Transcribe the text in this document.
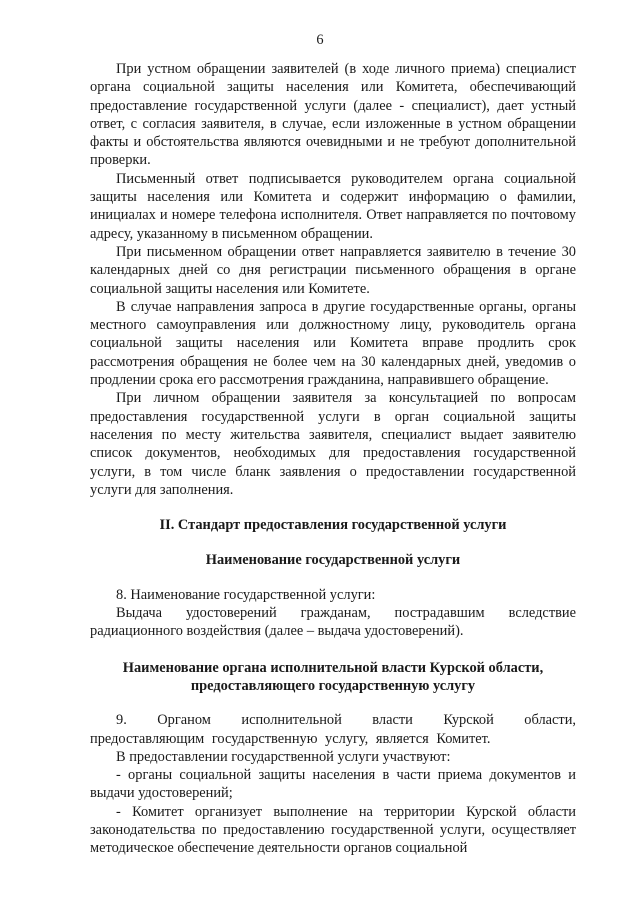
6

При устном обращении заявителей (в ходе личного приема) специалист органа социальной защиты населения или Комитета, обеспечивающий предоставление государственной услуги (далее - специалист), дает устный ответ, с согласия заявителя, в случае, если изложенные в устном обращении факты и обстоятельства являются очевидными и не требуют дополнительной проверки.

Письменный ответ подписывается руководителем органа социальной защиты населения или Комитета и содержит информацию о фамилии, инициалах и номере телефона исполнителя. Ответ направляется по почтовому адресу, указанному в письменном обращении.

При письменном обращении ответ направляется заявителю в течение 30 календарных дней со дня регистрации письменного обращения в органе социальной защиты населения или Комитете.

В случае направления запроса в другие государственные органы, органы местного самоуправления или должностному лицу, руководитель органа социальной защиты населения или Комитета вправе продлить срок рассмотрения обращения не более чем на 30 календарных дней, уведомив о продлении срока его рассмотрения гражданина, направившего обращение.

При личном обращении заявителя за консультацией по вопросам предоставления государственной услуги в орган социальной защиты населения по месту жительства заявителя, специалист выдает заявителю список документов, необходимых для предоставления государственной услуги, в том числе бланк заявления о предоставлении государственной услуги для заполнения.

II. Стандарт предоставления государственной услуги

Наименование государственной услуги

8. Наименование государственной услуги:

Выдача удостоверений гражданам, пострадавшим вследствие радиационного воздействия (далее – выдача удостоверений).

Наименование органа исполнительной власти Курской области,

предоставляющего государственную услугу

9. Органом исполнительной власти Курской области, предоставляющим государственную услугу, является Комитет.

В предоставлении государственной услуги участвуют:

- органы социальной защиты населения в части приема документов и выдачи удостоверений;

- Комитет организует выполнение на территории Курской области законодательства по предоставлению государственной услуги, осуществляет методическое обеспечение деятельности органов социальной
